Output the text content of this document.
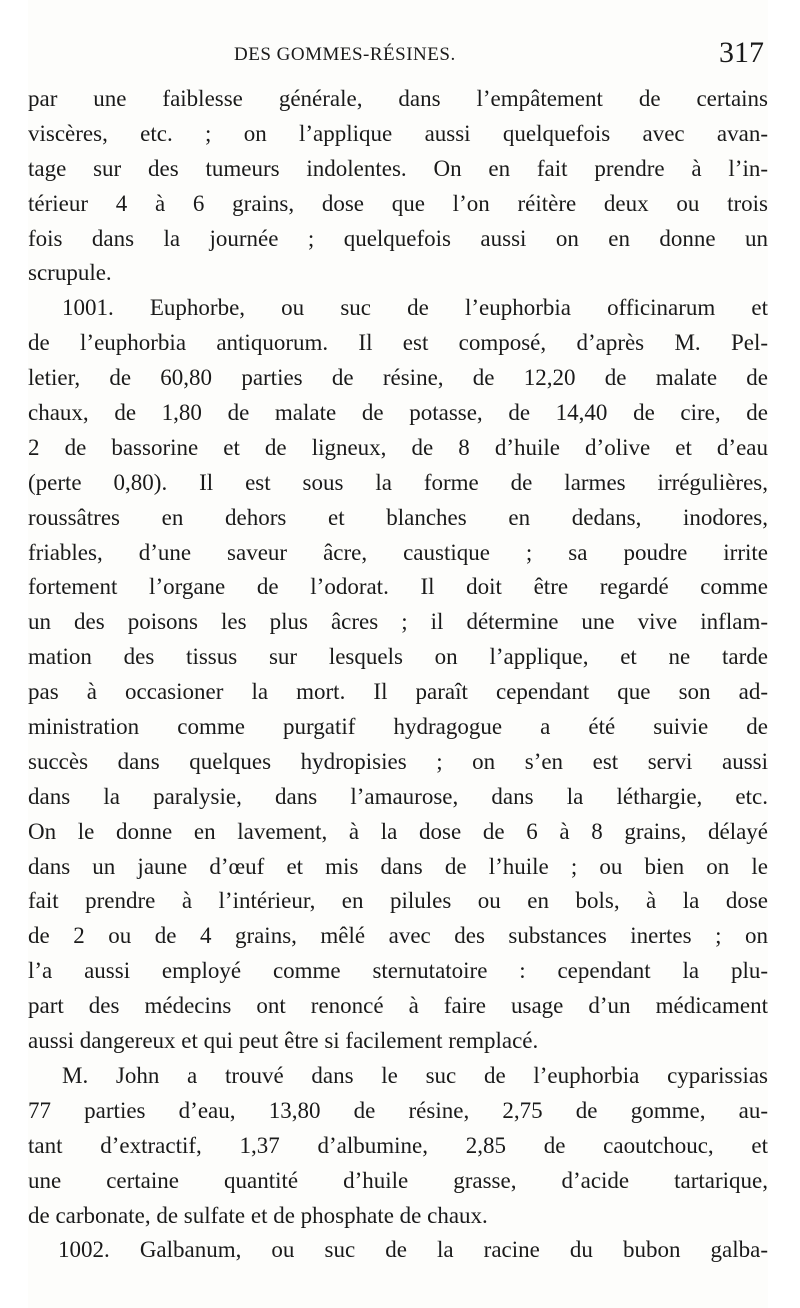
DES GOMMES-RÉSINES.	317
par une faiblesse générale, dans l’empâtement de certains
viscères, etc. ; on l’applique aussi quelquefois avec avan-
tage sur des tumeurs indolentes. On en fait prendre à l’in-
térieur 4 à 6 grains, dose que l’on réitère deux ou trois
fois dans la journée ; quelquefois aussi on en donne un
scrupule.
1001. Euphorbe, ou suc de l’euphorbia officinarum et
de l’euphorbia antiquorum. Il est composé, d’après M. Pel-
letier, de 60,80 parties de résine, de 12,20 de malate de
chaux, de 1,80 de malate de potasse, de 14,40 de cire, de
2 de bassorine et de ligneux, de 8 d’huile d’olive et d’eau
(perte 0,80). Il est sous la forme de larmes irrégulières,
roussâtres en dehors et blanches en dedans, inodores,
friables, d’une saveur âcre, caustique ; sa poudre irrite
fortement l’organe de l’odorat. Il doit être regardé comme
un des poisons les plus âcres ; il détermine une vive inflam-
mation des tissus sur lesquels on l’applique, et ne tarde
pas à occasioner la mort. Il paraît cependant que son ad-
ministration comme purgatif hydragogue a été suivie de
succès dans quelques hydropisies ; on s’en est servi aussi
dans la paralysie, dans l’amaurose, dans la léthargie, etc.
On le donne en lavement, à la dose de 6 à 8 grains, délayé
dans un jaune d’œuf et mis dans de l’huile ; ou bien on le
fait prendre à l’intérieur, en pilules ou en bols, à la dose
de 2 ou de 4 grains, mêlé avec des substances inertes ; on
l’a aussi employé comme sternutatoire : cependant la plu-
part des médecins ont renoncé à faire usage d’un médicament
aussi dangereux et qui peut être si facilement remplacé.
M. John a trouvé dans le suc de l’euphorbia cyparissias
77 parties d’eau, 13,80 de résine, 2,75 de gomme, au-
tant d’extractif, 1,37 d’albumine, 2,85 de caoutchouc, et
une certaine quantité d’huile grasse, d’acide tartarique,
de carbonate, de sulfate et de phosphate de chaux.
1002. Galbanum, ou suc de la racine du bubon galba-
